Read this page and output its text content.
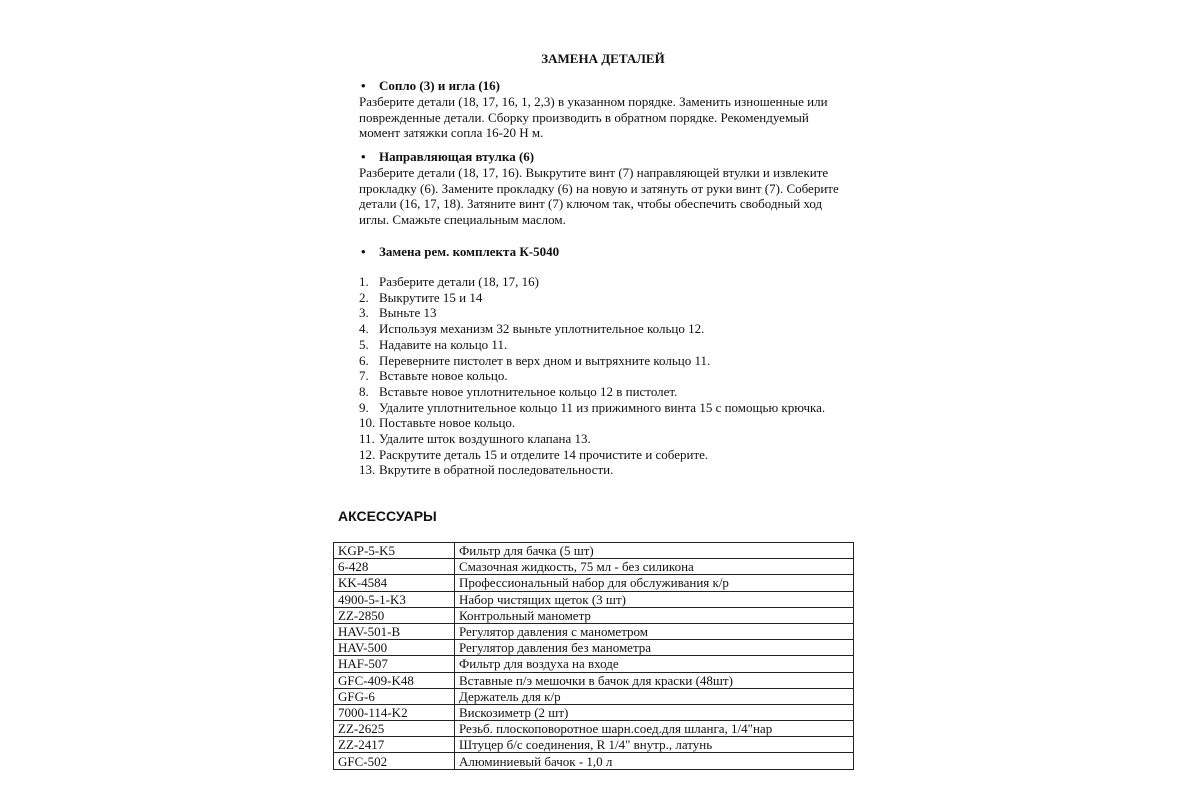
ЗАМЕНА ДЕТАЛЕЙ
• Сопло (3) и игла (16)
Разберите детали (18, 17, 16, 1, 2,3) в указанном порядке. Заменить изношенные или
поврежденные детали. Сборку производить в обратном порядке. Рекомендуемый
момент затяжки сопла 16-20 Н м.
• Направляющая втулка (6)
Разберите детали (18, 17, 16). Выкрутите винт (7) направляющей втулки и извлеките
прокладку (6). Замените прокладку (6) на новую и затянуть от руки винт (7). Соберите
детали (16, 17, 18). Затяните винт (7) ключом так, чтобы обеспечить свободный ход
иглы. Смажьте специальным маслом.
• Замена рем. комплекта К-5040
1. Разберите детали (18, 17, 16)
2. Выкрутите 15 и 14
3. Выньте 13
4. Используя механизм 32 выньте уплотнительное кольцо 12.
5. Надавите на кольцо 11.
6. Переверните пистолет в верх дном и вытряхните кольцо 11.
7. Вставьте новое кольцо.
8. Вставьте новое уплотнительное кольцо 12 в пистолет.
9. Удалите уплотнительное кольцо 11 из прижимного винта 15 с помощью крючка.
10. Поставьте новое кольцо.
11. Удалите шток воздушного клапана 13.
12. Раскрутите деталь 15 и отделите 14 прочистите и соберите.
13. Вкрутите в обратной последовательности.
АКСЕССУАРЫ
KGP-5-K5	Фильтр для бачка (5 шт)
6-428	Смазочная жидкость, 75 мл - без силикона
KK-4584	Профессиональный набор для обслуживания к/р
4900-5-1-K3	Набор чистящих щеток (3 шт)
ZZ-2850	Контрольный манометр
HAV-501-B	Регулятор давления с манометром
HAV-500	Регулятор давления без манометра
HAF-507	Фильтр для воздуха на входе
GFC-409-K48	Вставные п/э мешочки в бачок для краски (48шт)
GFG-6	Держатель для к/р
7000-114-K2	Вискозиметр (2 шт)
ZZ-2625	Резьб. плоскоповоротное шарн.соед.для шланга, 1/4"нар
ZZ-2417	Штуцер б/с соединения, R 1/4" внутр., латунь
GFC-502	Алюминиевый бачок - 1,0 л
